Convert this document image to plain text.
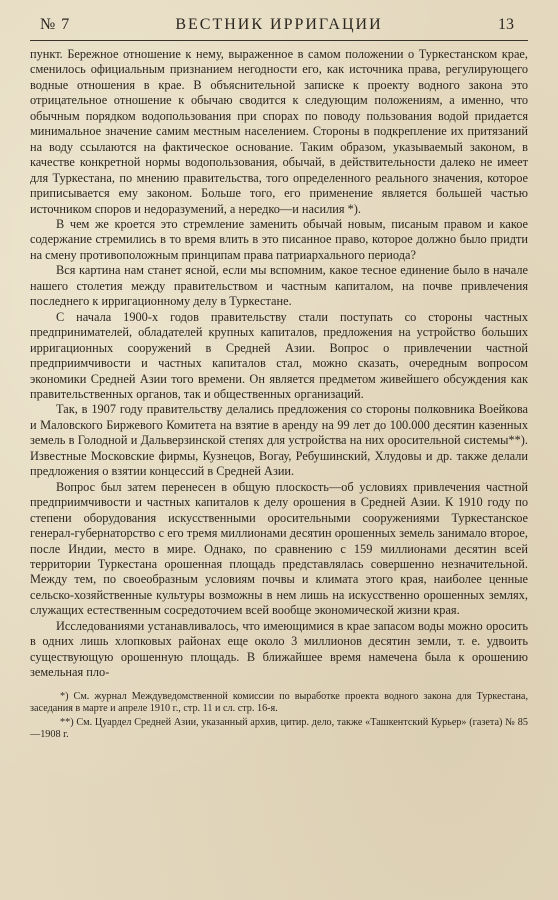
№ 7	ВЕСТНИК ИРРИГАЦИИ	13

пункт. Бережное отношение к нему, выраженное в самом положении о Туркестанском крае, сменилось официальным признанием негодности его, как источника права, регулирующего водные отношения в крае. В объяснительной записке к проекту водного закона это отрицательное отношение к обычаю сводится к следующим положениям, а именно, что обычным порядком водопользования при спорах по поводу пользования водой придается минимальное значение самим местным населением. Стороны в подкрепление их притязаний на воду ссылаются на фактическое основание. Таким образом, указываемый законом, в качестве конкретной нормы водопользования, обычай, в действительности далеко не имеет для Туркестана, по мнению правительства, того определенного реального значения, которое приписывается ему законом. Больше того, его применение является большей частью источником споров и недоразумений, а нередко—и насилия *).

В чем же кроется это стремление заменить обычай новым, писаным правом и какое содержание стремились в то время влить в это писанное право, которое должно было придти на смену противоположным принципам права патриархального периода?

Вся картина нам станет ясной, если мы вспомним, какое тесное единение было в начале нашего столетия между правительством и частным капиталом, на почве привлечения последнего к ирригационному делу в Туркестане.

С начала 1900-х годов правительству стали поступать со стороны частных предпринимателей, обладателей крупных капиталов, предложения на устройство больших ирригационных сооружений в Средней Азии. Вопрос о привлечении частной предприимчивости и частных капиталов стал, можно сказать, очередным вопросом экономики Средней Азии того времени. Он является предметом живейшего обсуждения как правительственных органов, так и общественных организаций.

Так, в 1907 году правительству делались предложения со стороны полковника Воейкова и Маловского Биржевого Комитета на взятие в аренду на 99 лет до 100.000 десятин казенных земель в Голодной и Дальверзинской степях для устройства на них оросительной системы**). Известные Московские фирмы, Кузнецов, Вогау, Ребушинский, Хлудовы и др. также делали предложения о взятии концессий в Средней Азии.

Вопрос был затем перенесен в общую плоскость—об условиях привлечения частной предприимчивости и частных капиталов к делу орошения в Средней Азии. К 1910 году по степени оборудования искусственными оросительными сооружениями Туркестанское генерал-губернаторство с его тремя миллионами десятин орошенных земель занимало второе, после Индии, место в мире. Однако, по сравнению с 159 миллионами десятин всей территории Туркестана орошенная площадь представлялась совершенно незначительной. Между тем, по своеобразным условиям почвы и климата этого края, наиболее ценные сельско-хозяйственные культуры возможны в нем лишь на искусственно орошенных землях, служащих естественным сосредоточием всей вообще экономической жизни края.

Исследованиями устанавливалось, что имеющимися в крае запасом воды можно оросить в одних лишь хлопковых районах еще около 3 миллионов десятин земли, т. е. удвоить существующую орошенную площадь. В ближайшее время намечена была к орошению земельная пло-

*) См. журнал Междуведомственной комиссии по выработке проекта водного закона для Туркестана, заседания в марте и апреле 1910 г., стр. 11 и сл. стр. 16-я.

**) См. Цуардел Средней Азии, указанный архив, цитир. дело, также «Ташкентский Курьер» (газета) № 85—1908 г.
